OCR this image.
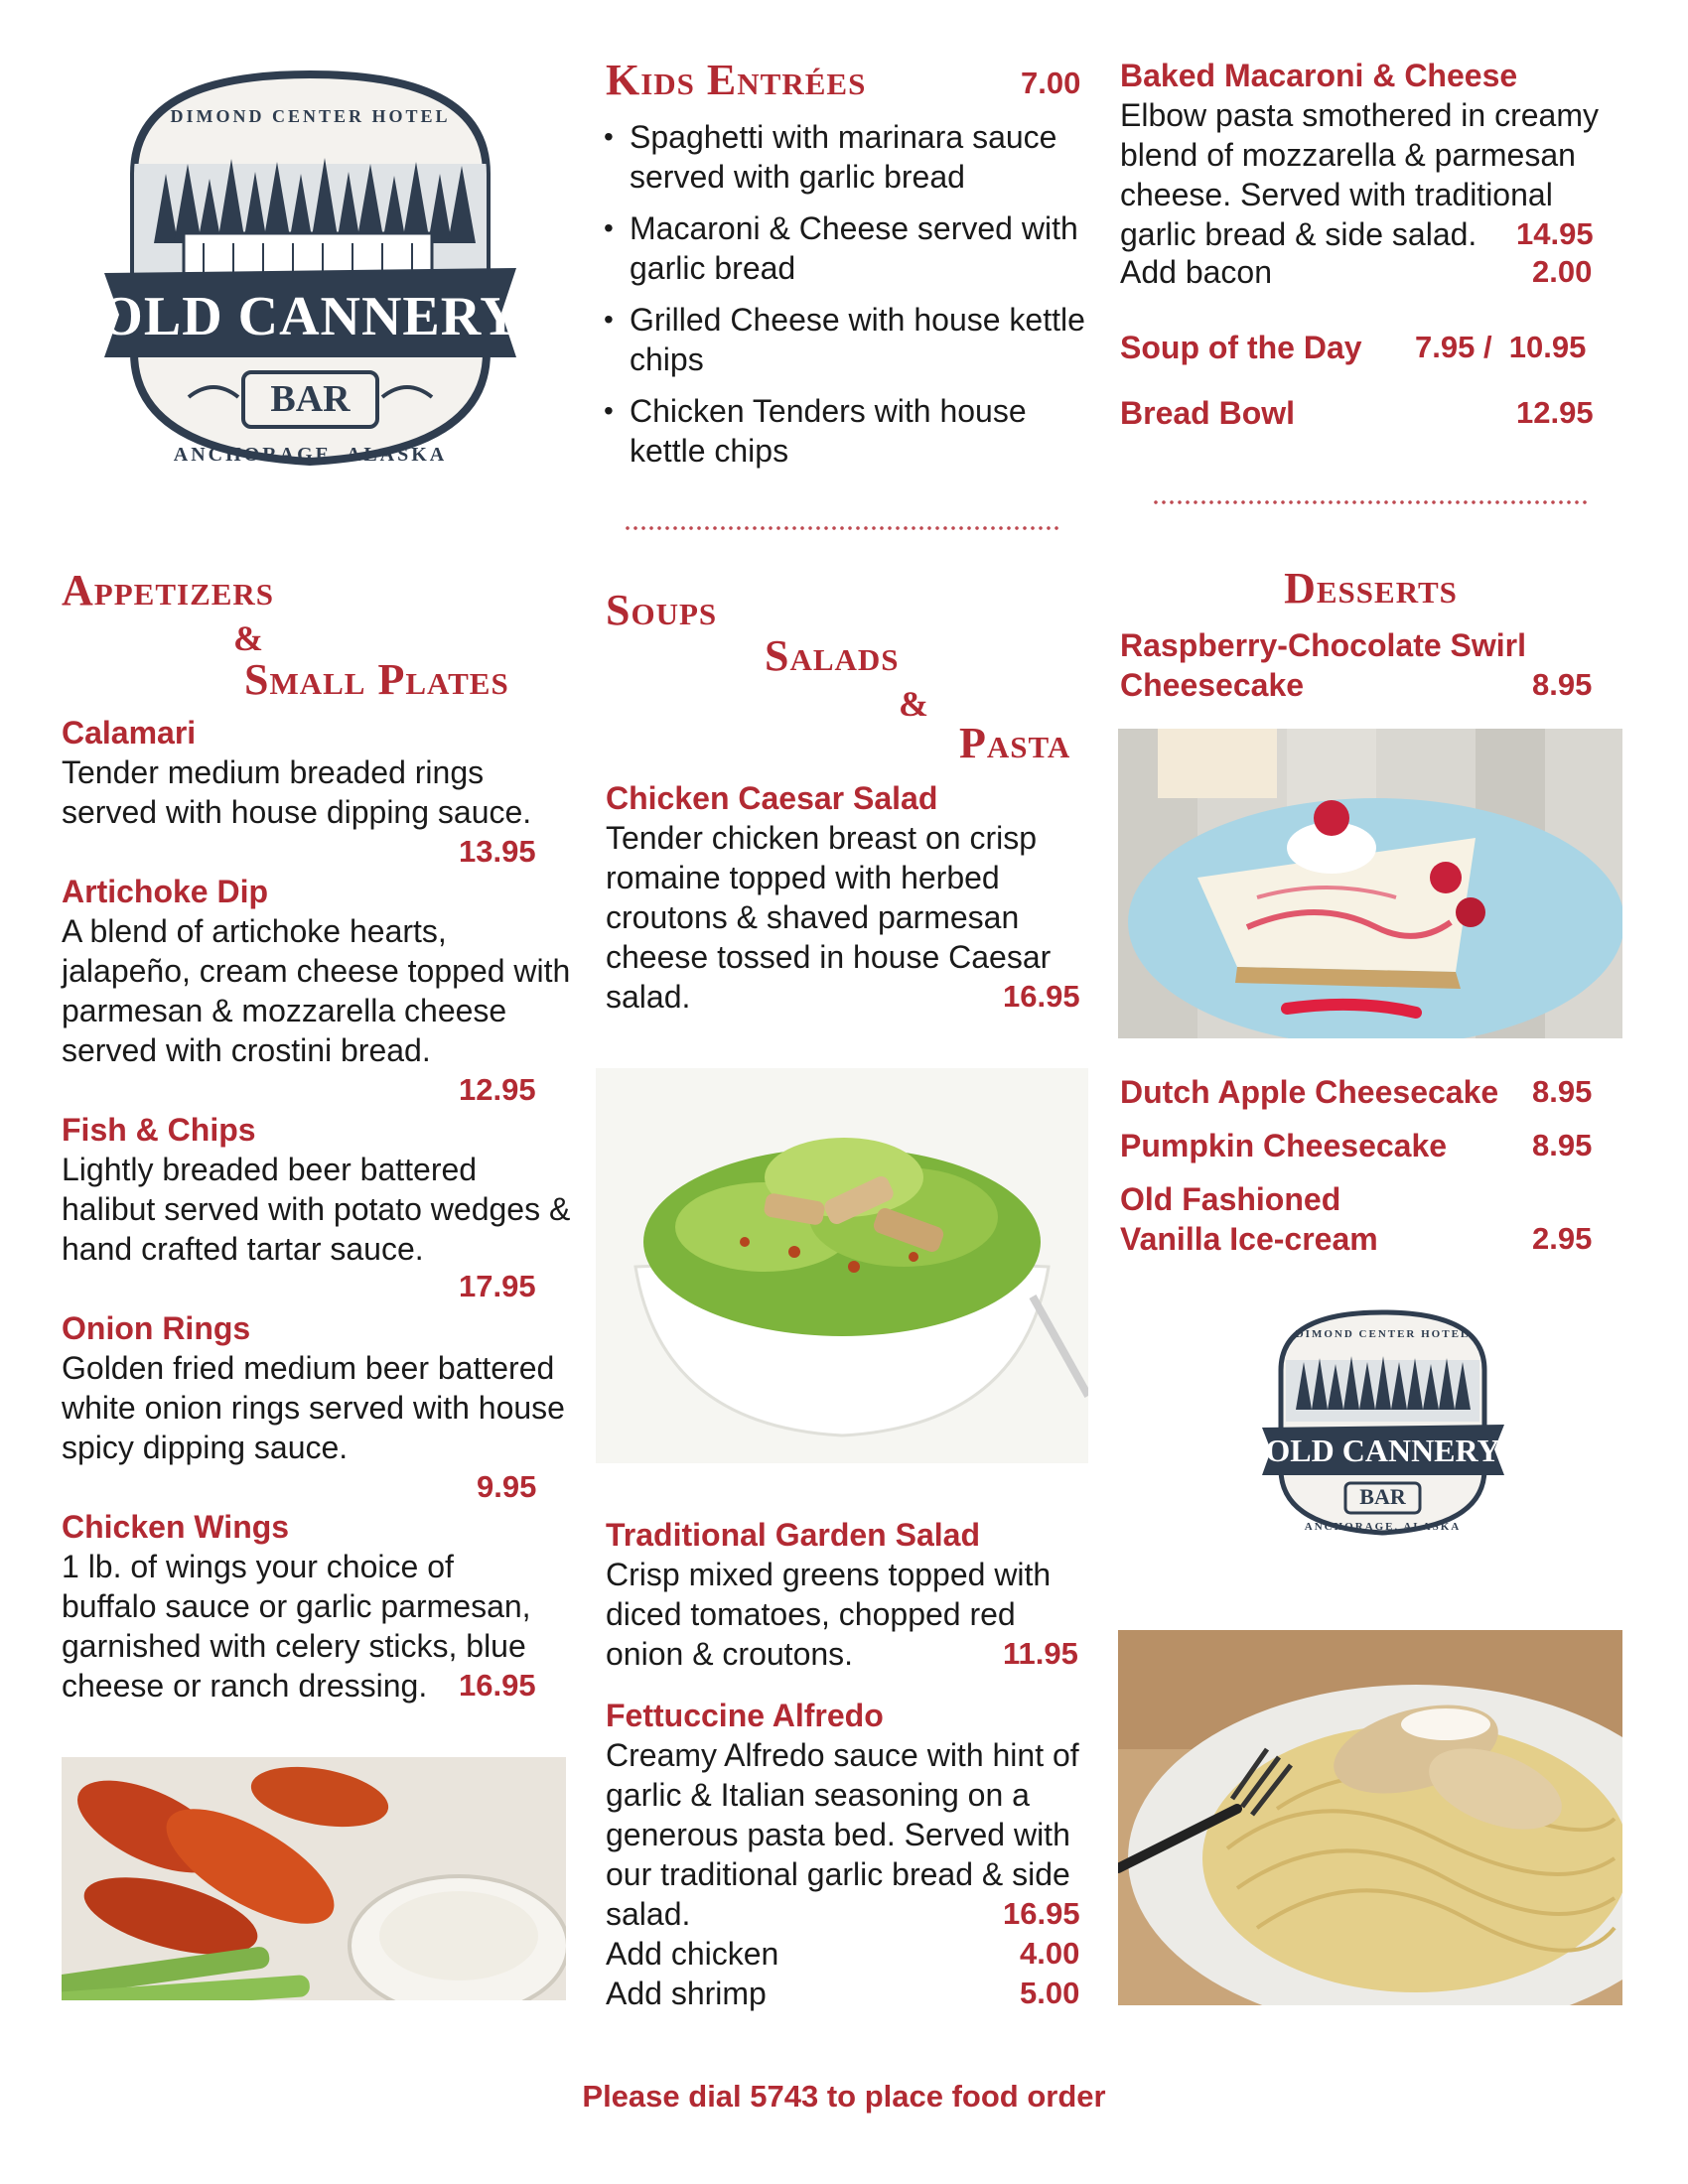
DIMOND CENTER HOTEL
OLD CANNERY
BAR
ANCHORAGE, ALASKA
Kids Entrées	7.00
• Spaghetti with marinara sauce served with garlic bread
• Macaroni & Cheese served with garlic bread
• Grilled Cheese with house kettle chips
• Chicken Tenders with house kettle chips
Baked Macaroni & Cheese
Elbow pasta smothered in creamy blend of mozzarella & parmesan cheese. Served with traditional garlic bread & side salad.	14.95
Add bacon	2.00
Soup of the Day 7.95 /  10.95
Bread Bowl	12.95
Appetizers
&
Small Plates
Calamari
Tender medium breaded rings served with house dipping sauce.
13.95
Artichoke Dip
A blend of artichoke hearts, jalapeño, cream cheese topped with parmesan & mozzarella cheese served with crostini bread.
12.95
Fish & Chips
Lightly breaded beer battered halibut served with potato wedges & hand crafted tartar sauce.
17.95
Onion Rings
Golden fried medium beer battered white onion rings served with house spicy dipping sauce.
9.95
Chicken Wings
1 lb. of wings your choice of buffalo sauce or garlic parmesan, garnished with celery sticks, blue cheese or ranch dressing.	16.95
Soups
Salads
&
Pasta
Chicken Caesar Salad
Tender chicken breast on crisp romaine topped with herbed croutons & shaved parmesan cheese tossed in house Caesar salad.	16.95
Traditional Garden Salad
Crisp mixed greens topped with diced tomatoes, chopped red onion & croutons.	11.95
Fettuccine Alfredo
Creamy Alfredo sauce with hint of garlic & Italian seasoning on a generous pasta bed. Served with our traditional garlic bread & side salad.	16.95
Add chicken	4.00
Add shrimp	5.00
Desserts
Raspberry-Chocolate Swirl
Cheesecake	8.95
Dutch Apple Cheesecake 8.95
Pumpkin Cheesecake	8.95
Old Fashioned
Vanilla Ice-cream	2.95
DIMOND CENTER HOTEL
OLD CANNERY
BAR
ANCHORAGE, ALASKA
Please dial 5743 to place food order
